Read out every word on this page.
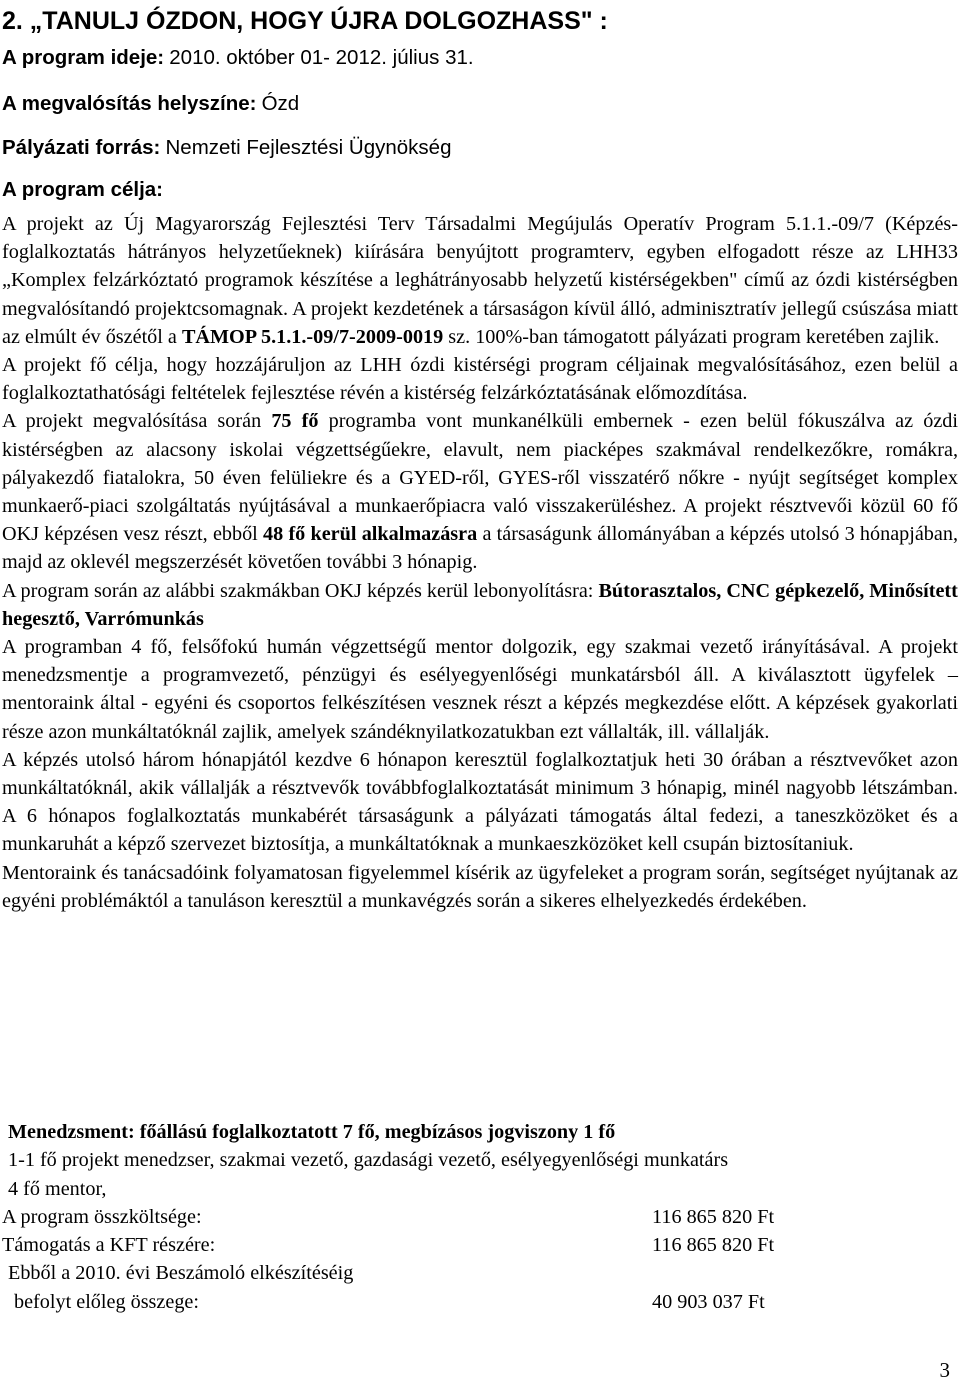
2. „TANULJ ÓZDON, HOGY ÚJRA DOLGOZHASS" :
A program ideje: 2010. október 01- 2012. július 31.
A megvalósítás helyszíne: Ózd
Pályázati forrás: Nemzeti Fejlesztési Ügynökség
A program célja:

A projekt az Új Magyarország Fejlesztési Terv Társadalmi Megújulás Operatív Program 5.1.1.-09/7 (Képzés-foglalkoztatás hátrányos helyzetűeknek) kiírására benyújtott programterv, egyben elfogadott része az LHH33 „Komplex felzárkóztató programok készítése a leghátrányosabb helyzetű kistérségekben" című az ózdi kistérségben megvalósítandó projektcsomagnak. A projekt kezdetének a társaságon kívül álló, adminisztratív jellegű csúszása miatt az elmúlt év őszétől a TÁMOP 5.1.1.-09/7-2009-0019 sz. 100%-ban támogatott pályázati program keretében zajlik.

A projekt fő célja, hogy hozzájáruljon az LHH ózdi kistérségi program céljainak megvalósításához, ezen belül a foglalkoztathatósági feltételek fejlesztése révén a kistérség felzárkóztatásának előmozdítása.

A projekt megvalósítása során 75 fő programba vont munkanélküli embernek - ezen belül fókuszálva az ózdi kistérségben az alacsony iskolai végzettségűekre, elavult, nem piacképes szakmával rendelkezőkre, romákra, pályakezdő fiatalokra, 50 éven felüliekre és a GYED-ről, GYES-ről visszatérő nőkre - nyújt segítséget komplex munkaerő-piaci szolgáltatás nyújtásával a munkaerőpiacra való visszakerüléshez. A projekt résztvevői közül 60 fő OKJ képzésen vesz részt, ebből 48 fő kerül alkalmazásra a társaságunk állományában a képzés utolsó 3 hónapjában, majd az oklevél megszerzését követően további 3 hónapig.

A program során az alábbi szakmákban OKJ képzés kerül lebonyolításra: Bútorasztalos, CNC gépkezelő, Minősített hegesztő, Varrómunkás

A programban 4 fő, felsőfokú humán végzettségű mentor dolgozik, egy szakmai vezető irányításával. A projekt menedzsmentje a programvezető, pénzügyi és esélyegyenlőségi munkatársból áll. A kiválasztott ügyfelek – mentoraink által - egyéni és csoportos felkészítésen vesznek részt a képzés megkezdése előtt. A képzések gyakorlati része azon munkáltatóknál zajlik, amelyek szándéknyilatkozatukban ezt vállalták, ill. vállalják.

A képzés utolsó három hónapjától kezdve 6 hónapon keresztül foglalkoztatjuk heti 30 órában a résztvevőket azon munkáltatóknál, akik vállalják a résztvevők továbbfoglalkoztatását minimum 3 hónapig, minél nagyobb létszámban. A 6 hónapos foglalkoztatás munkabérét társaságunk a pályázati támogatás által fedezi, a taneszközöket és a munkaruhát a képző szervezet biztosítja, a munkáltatóknak a munkaeszközöket kell csupán biztosítaniuk.

Mentoraink és tanácsadóink folyamatosan figyelemmel kísérik az ügyfeleket a program során, segítséget nyújtanak az egyéni problémáktól a tanuláson keresztül a munkavégzés során a sikeres elhelyezkedés érdekében.

Menedzsment: főállású foglalkoztatott 7 fő, megbízásos jogviszony 1 fő
1-1 fő projekt menedzser, szakmai vezető, gazdasági vezető, esélyegyenlőségi munkatárs
4 fő mentor,
A program összköltsége:	116 865 820 Ft
Támogatás a KFT részére:	116 865 820 Ft
Ebből a 2010. évi Beszámoló elkészítéséig
befolyt előleg összege:	40 903 037 Ft
3
